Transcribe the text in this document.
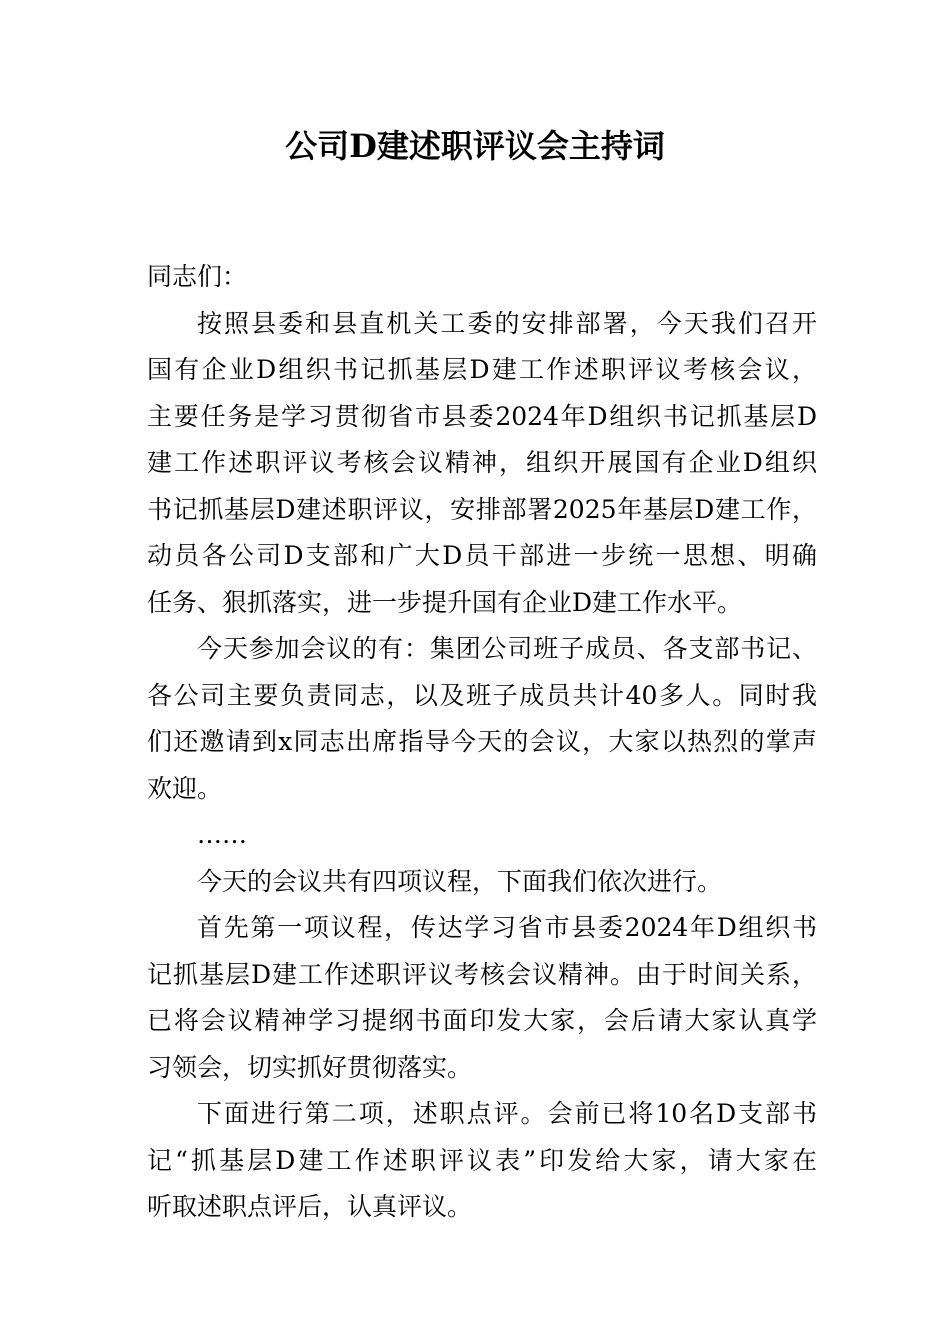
公司D建述职评议会主持词
同志们：
按照县委和县直机关工委的安排部署，今天我们召开
国有企业D组织书记抓基层D建工作述职评议考核会议，
主要任务是学习贯彻省市县委2024年D组织书记抓基层D
建工作述职评议考核会议精神，组织开展国有企业D组织
书记抓基层D建述职评议，安排部署2025年基层D建工作，
动员各公司D支部和广大D员干部进一步统一思想、明确
任务、狠抓落实，进一步提升国有企业D建工作水平。
今天参加会议的有：集团公司班子成员、各支部书记、
各公司主要负责同志，以及班子成员共计40多人。同时我
们还邀请到x同志出席指导今天的会议，大家以热烈的掌声
欢迎。
……
今天的会议共有四项议程，下面我们依次进行。
首先第一项议程，传达学习省市县委2024年D组织书
记抓基层D建工作述职评议考核会议精神。由于时间关系，
已将会议精神学习提纲书面印发大家，会后请大家认真学
习领会，切实抓好贯彻落实。
下面进行第二项，述职点评。会前已将10名D支部书
记“抓基层D建工作述职评议表”印发给大家，请大家在
听取述职点评后，认真评议。
